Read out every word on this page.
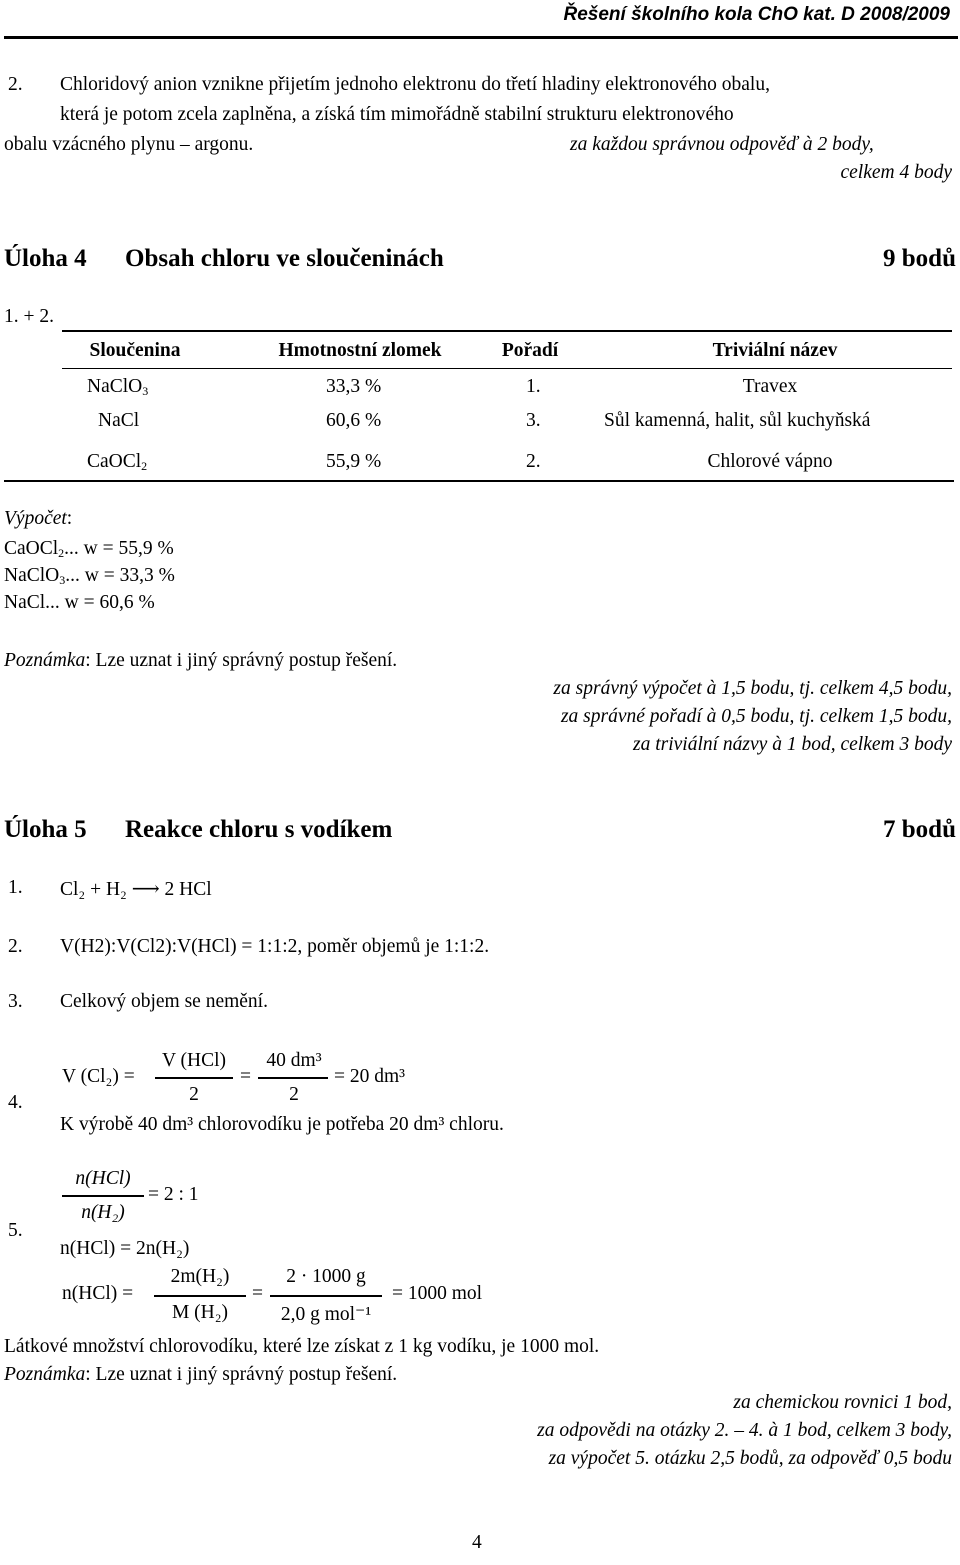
Řešení školního kola ChO kat. D 2008/2009
2. Chloridový anion vznikne přijetím jednoho elektronu do třetí hladiny elektronového obalu,
která je potom zcela zaplněna, a získá tím mimořádně stabilní strukturu elektronového
obalu vzácného plynu – argonu.	za každou správnou odpověď à 2 body,
celkem 4 body
Úloha 4 Obsah chloru ve sloučeninách	9 bodů
1. + 2.
Sloučenina	Hmotnostní zlomek	Pořadí	Triviální název
NaClO$_3$	33,3 %	1.	Travex
NaCl	60,6 %	3.	Sůl kamenná, halit, sůl kuchyňská
CaOCl$_2$	55,9 %	2.	Chlorové vápno
Výpočet:
CaOCl$_2$... w = 55,9 %
NaClO$_3$... w = 33,3 %
NaCl... w = 60,6 %
Poznámka: Lze uznat i jiný správný postup řešení.
za správný výpočet à 1,5 bodu, tj. celkem 4,5 bodu,
za správné pořadí à 0,5 bodu, tj. celkem 1,5 bodu,
za triviální názvy à 1 bod, celkem 3 body
Úloha 5 Reakce chloru s vodíkem	7 bodů
1. Cl₂ + H₂ ⟶ 2 HCl
2. V(H2):V(Cl2):V(HCl) = 1:1:2, poměr objemů je 1:1:2.
3. Celkový objem se nemění.
4.
V (Cl₂) =
V (HCl)
2
=
40 dm³
2
= 20 dm³
K výrobě 40 dm³ chlorovodíku je potřeba 20 dm³ chloru.
5.
n(HCl)
n(H₂)
= 2 : 1
n(HCl) = 2n(H₂)
n(HCl) =
2m(H₂)
M (H₂)
=
2 · 1000 g
2,0 g mol⁻¹
= 1000 mol
Látkové množství chlorovodíku, které lze získat z 1 kg vodíku, je 1000 mol.
Poznámka: Lze uznat i jiný správný postup řešení.
za chemickou rovnici 1 bod,
za odpovědi na otázky 2. – 4. à 1 bod, celkem 3 body,
za výpočet 5. otázku 2,5 bodů, za odpověď 0,5 bodu
4
